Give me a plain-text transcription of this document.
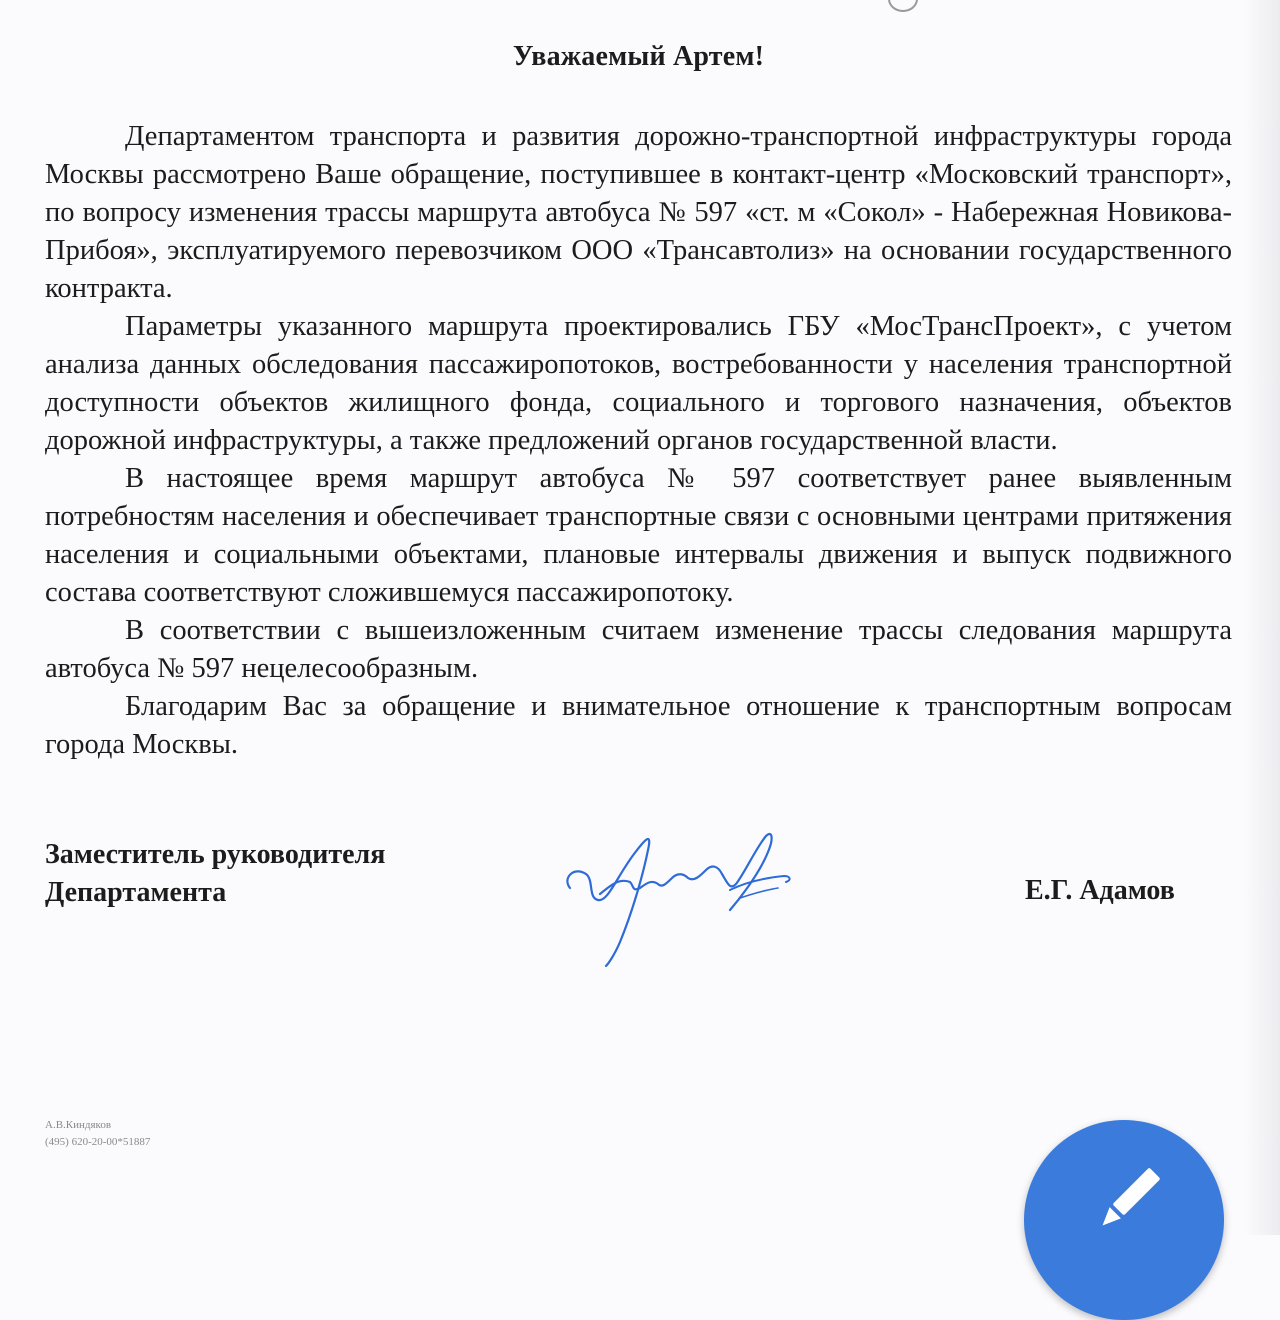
Уважаемый Артем!

Департаментом транспорта и развития дорожно-транспортной инфраструктуры города Москвы рассмотрено Ваше обращение, поступившее в контакт-центр «Московский транспорт», по вопросу изменения трассы маршрута автобуса № 597 «ст. м «Сокол» - Набережная Новикова-Прибоя», эксплуатируемого перевозчиком ООО «Трансавтолиз» на основании государственного контракта.

Параметры указанного маршрута проектировались ГБУ «МосТрансПроект», с учетом анализа данных обследования пассажиропотоков, востребованности у населения транспортной доступности объектов жилищного фонда, социального и торгового назначения, объектов дорожной инфраструктуры, а также предложений органов государственной власти.

В настоящее время маршрут автобуса № 597 соответствует ранее выявленным потребностям населения и обеспечивает транспортные связи с основными центрами притяжения населения и социальными объектами, плановые интервалы движения и выпуск подвижного состава соответствуют сложившемуся пассажиропотоку.

В соответствии с вышеизложенным считаем изменение трассы следования маршрута автобуса № 597 нецелесообразным.

Благодарим Вас за обращение и внимательное отношение к транспортным вопросам города Москвы.

Заместитель руководителя
Департамента	Е.Г. Адамов
А.В.Киндяков
(495) 620-20-00*51887
